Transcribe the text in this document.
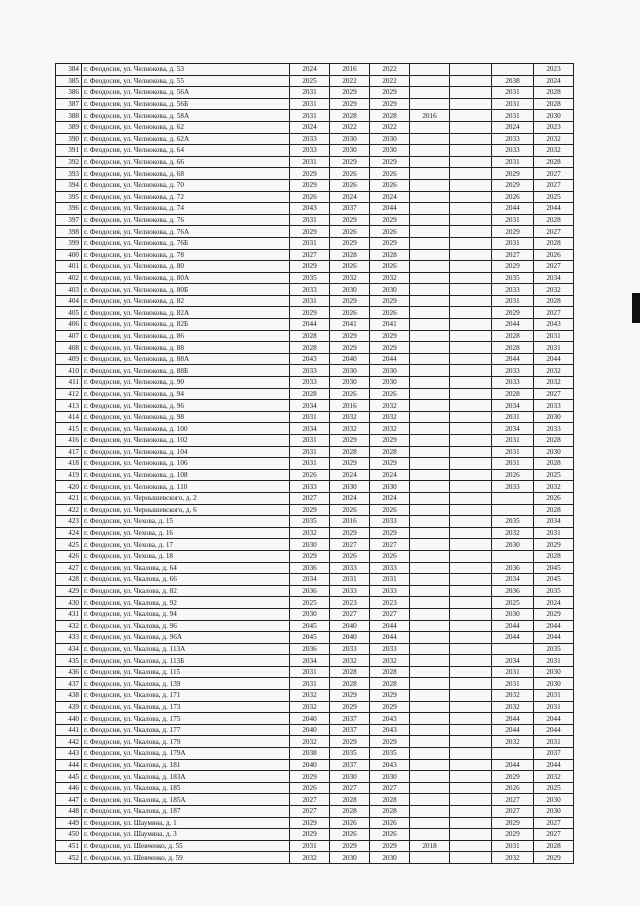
384	г. Феодосия, ул. Челнокова, д. 53	2024	2016	2022				2023
385	г. Феодосия, ул. Челнокова, д. 55	2025	2022	2022			2038	2024
386	г. Феодосия, ул. Челнокова, д. 56А	2031	2029	2029			2031	2028
387	г. Феодосия, ул. Челнокова, д. 56Б	2031	2029	2029			2031	2028
388	г. Феодосия, ул. Челнокова, д. 58А	2031	2028	2028	2016		2031	2030
389	г. Феодосия, ул. Челнокова, д. 62	2024	2022	2022			2024	2023
390	г. Феодосия, ул. Челнокова, д. 62А	2033	2030	2030			2033	2032
391	г. Феодосия, ул. Челнокова, д. 64	2033	2030	2030			2033	2032
392	г. Феодосия, ул. Челнокова, д. 66	2031	2029	2029			2031	2028
393	г. Феодосия, ул. Челнокова, д. 68	2029	2026	2026			2029	2027
394	г. Феодосия, ул. Челнокова, д. 70	2029	2026	2026			2029	2027
395	г. Феодосия, ул. Челнокова, д. 72	2026	2024	2024			2026	2025
396	г. Феодосия, ул. Челнокова, д. 74	2043	2037	2044			2044	2044
397	г. Феодосия, ул. Челнокова, д. 76	2031	2029	2029			2031	2028
398	г. Феодосия, ул. Челнокова, д. 76А	2029	2026	2026			2029	2027
399	г. Феодосия, ул. Челнокова, д. 76Б	2031	2029	2029			2031	2028
400	г. Феодосия, ул. Челнокова, д. 78	2027	2028	2028			2027	2026
401	г. Феодосия, ул. Челнокова, д. 80	2029	2026	2026			2029	2027
402	г. Феодосия, ул. Челнокова, д. 80А	2035	2032	2032			2035	2034
403	г. Феодосия, ул. Челнокова, д. 80Б	2033	2030	2030			2033	2032
404	г. Феодосия, ул. Челнокова, д. 82	2031	2029	2029			2031	2028
405	г. Феодосия, ул. Челнокова, д. 82А	2029	2026	2026			2029	2027
406	г. Феодосия, ул. Челнокова, д. 82Б	2044	2041	2041			2044	2043
407	г. Феодосия, ул. Челнокова, д. 86	2028	2029	2029			2028	2031
408	г. Феодосия, ул. Челнокова, д. 88	2028	2029	2029			2028	2031
409	г. Феодосия, ул. Челнокова, д. 88А	2043	2040	2044			2044	2044
410	г. Феодосия, ул. Челнокова, д. 88Б	2033	2030	2030			2033	2032
411	г. Феодосия, ул. Челнокова, д. 90	2033	2030	2030			2033	2032
412	г. Феодосия, ул. Челнокова, д. 94	2028	2026	2026			2028	2027
413	г. Феодосия, ул. Челнокова, д. 96	2034	2016	2032			2034	2033
414	г. Феодосия, ул. Челнокова, д. 98	2031	2032	2032			2031	2030
415	г. Феодосия, ул. Челнокова, д. 100	2034	2032	2032			2034	2033
416	г. Феодосия, ул. Челнокова, д. 102	2031	2029	2029			2031	2028
417	г. Феодосия, ул. Челнокова, д. 104	2031	2028	2028			2031	2030
418	г. Феодосия, ул. Челнокова, д. 106	2031	2029	2029			2031	2028
419	г. Феодосия, ул. Челнокова, д. 108	2026	2024	2024			2026	2025
420	г. Феодосия, ул. Челнокова, д. 110	2033	2030	2030			2033	2032
421	г. Феодосия, ул. Чернышевского, д. 2	2027	2024	2024				2026
422	г. Феодосия, ул. Чернышевского, д. 6	2029	2026	2026				2028
423	г. Феодосия, ул. Чехова, д. 15	2035	2016	2033			2035	2034
424	г. Феодосия, ул. Чехова, д. 16	2032	2029	2029			2032	2031
425	г. Феодосия, ул. Чехова, д. 17	2030	2027	2027			2030	2029
426	г. Феодосия, ул. Чехова, д. 18	2029	2026	2026				2028
427	г. Феодосия, ул. Чкалова, д. 64	2036	2033	2033			2036	2045
428	г. Феодосия, ул. Чкалова, д. 66	2034	2031	2031			2034	2045
429	г. Феодосия, ул. Чкалова, д. 82	2036	2033	2033			2036	2035
430	г. Феодосия, ул. Чкалова, д. 92	2025	2023	2023			2025	2024
431	г. Феодосия, ул. Чкалова, д. 94	2030	2027	2027			2030	2029
432	г. Феодосия, ул. Чкалова, д. 96	2045	2040	2044			2044	2044
433	г. Феодосия, ул. Чкалова, д. 96А	2045	2040	2044			2044	2044
434	г. Феодосия, ул. Чкалова, д. 113А	2036	2033	2033				2035
435	г. Феодосия, ул. Чкалова, д. 113Б	2034	2032	2032			2034	2031
436	г. Феодосия, ул. Чкалова, д. 115	2031	2028	2028			2031	2030
437	г. Феодосия, ул. Чкалова, д. 139	2031	2028	2028			2031	2030
438	г. Феодосия, ул. Чкалова, д. 171	2032	2029	2029			2032	2031
439	г. Феодосия, ул. Чкалова, д. 173	2032	2029	2029			2032	2031
440	г. Феодосия, ул. Чкалова, д. 175	2040	2037	2043			2044	2044
441	г. Феодосия, ул. Чкалова, д. 177	2040	2037	2043			2044	2044
442	г. Феодосия, ул. Чкалова, д. 179	2032	2029	2029			2032	2031
443	г. Феодосия, ул. Чкалова, д. 179А	2038	2035	2035				2037
444	г. Феодосия, ул. Чкалова, д. 181	2040	2037	2043			2044	2044
445	г. Феодосия, ул. Чкалова, д. 183А	2029	2030	2030			2029	2032
446	г. Феодосия, ул. Чкалова, д. 185	2026	2027	2027			2026	2025
447	г. Феодосия, ул. Чкалова, д. 185А	2027	2028	2028			2027	2030
448	г. Феодосия, ул. Чкалова, д. 187	2027	2028	2028			2027	2030
449	г. Феодосия, ул. Шаумяна, д. 1	2029	2026	2026			2029	2027
450	г. Феодосия, ул. Шаумяна, д. 3	2029	2026	2026			2029	2027
451	г. Феодосия, ул. Шевченко, д. 55	2031	2029	2029	2018		2031	2028
452	г. Феодосия, ул. Шевченко, д. 59	2032	2030	2030			2032	2029
